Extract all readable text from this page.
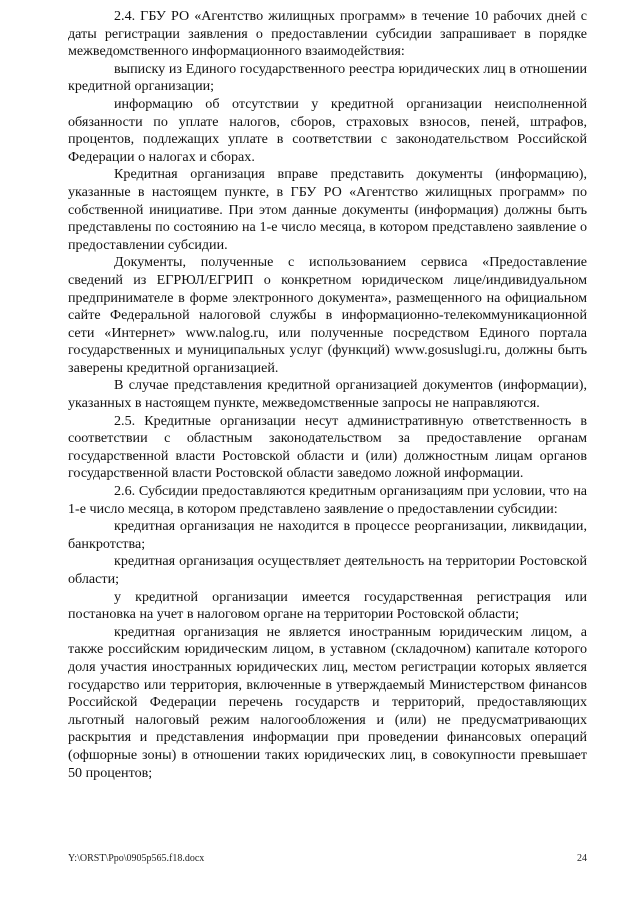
2.4. ГБУ РО «Агентство жилищных программ» в течение 10 рабочих дней с даты регистрации заявления о предоставлении субсидии запрашивает в порядке межведомственного информационного взаимодействия:

выписку из Единого государственного реестра юридических лиц в отношении кредитной организации;

информацию об отсутствии у кредитной организации неисполненной обязанности по уплате налогов, сборов, страховых взносов, пеней, штрафов, процентов, подлежащих уплате в соответствии с законодательством Российской Федерации о налогах и сборах.

Кредитная организация вправе представить документы (информацию), указанные в настоящем пункте, в ГБУ РО «Агентство жилищных программ» по собственной инициативе. При этом данные документы (информация) должны быть представлены по состоянию на 1-е число месяца, в котором представлено заявление о предоставлении субсидии.

Документы, полученные с использованием сервиса «Предоставление сведений из ЕГРЮЛ/ЕГРИП о конкретном юридическом лице/индивидуальном предпринимателе в форме электронного документа», размещенного на официальном сайте Федеральной налоговой службы в информационно-телекоммуникационной сети «Интернет» www.nalog.ru, или полученные посредством Единого портала государственных и муниципальных услуг (функций) www.gosuslugi.ru, должны быть заверены кредитной организацией.

В случае представления кредитной организацией документов (информации), указанных в настоящем пункте, межведомственные запросы не направляются.

2.5. Кредитные организации несут административную ответственность в соответствии с областным законодательством за предоставление органам государственной власти Ростовской области и (или) должностным лицам органов государственной власти Ростовской области заведомо ложной информации.

2.6. Субсидии предоставляются кредитным организациям при условии, что на 1-е число месяца, в котором представлено заявление о предоставлении субсидии:

кредитная организация не находится в процессе реорганизации, ликвидации, банкротства;

кредитная организация осуществляет деятельность на территории Ростовской области;

у кредитной организации имеется государственная регистрация или постановка на учет в налоговом органе на территории Ростовской области;

кредитная организация не является иностранным юридическим лицом, а также российским юридическим лицом, в уставном (складочном) капитале которого доля участия иностранных юридических лиц, местом регистрации которых является государство или территория, включенные в утверждаемый Министерством финансов Российской Федерации перечень государств и территорий, предоставляющих льготный налоговый режим налогообложения и (или) не предусматривающих раскрытия и представления информации при проведении финансовых операций (офшорные зоны) в отношении таких юридических лиц, в совокупности превышает 50 процентов;

Y:\ORST\Ppo\0905p565.f18.docx	24
